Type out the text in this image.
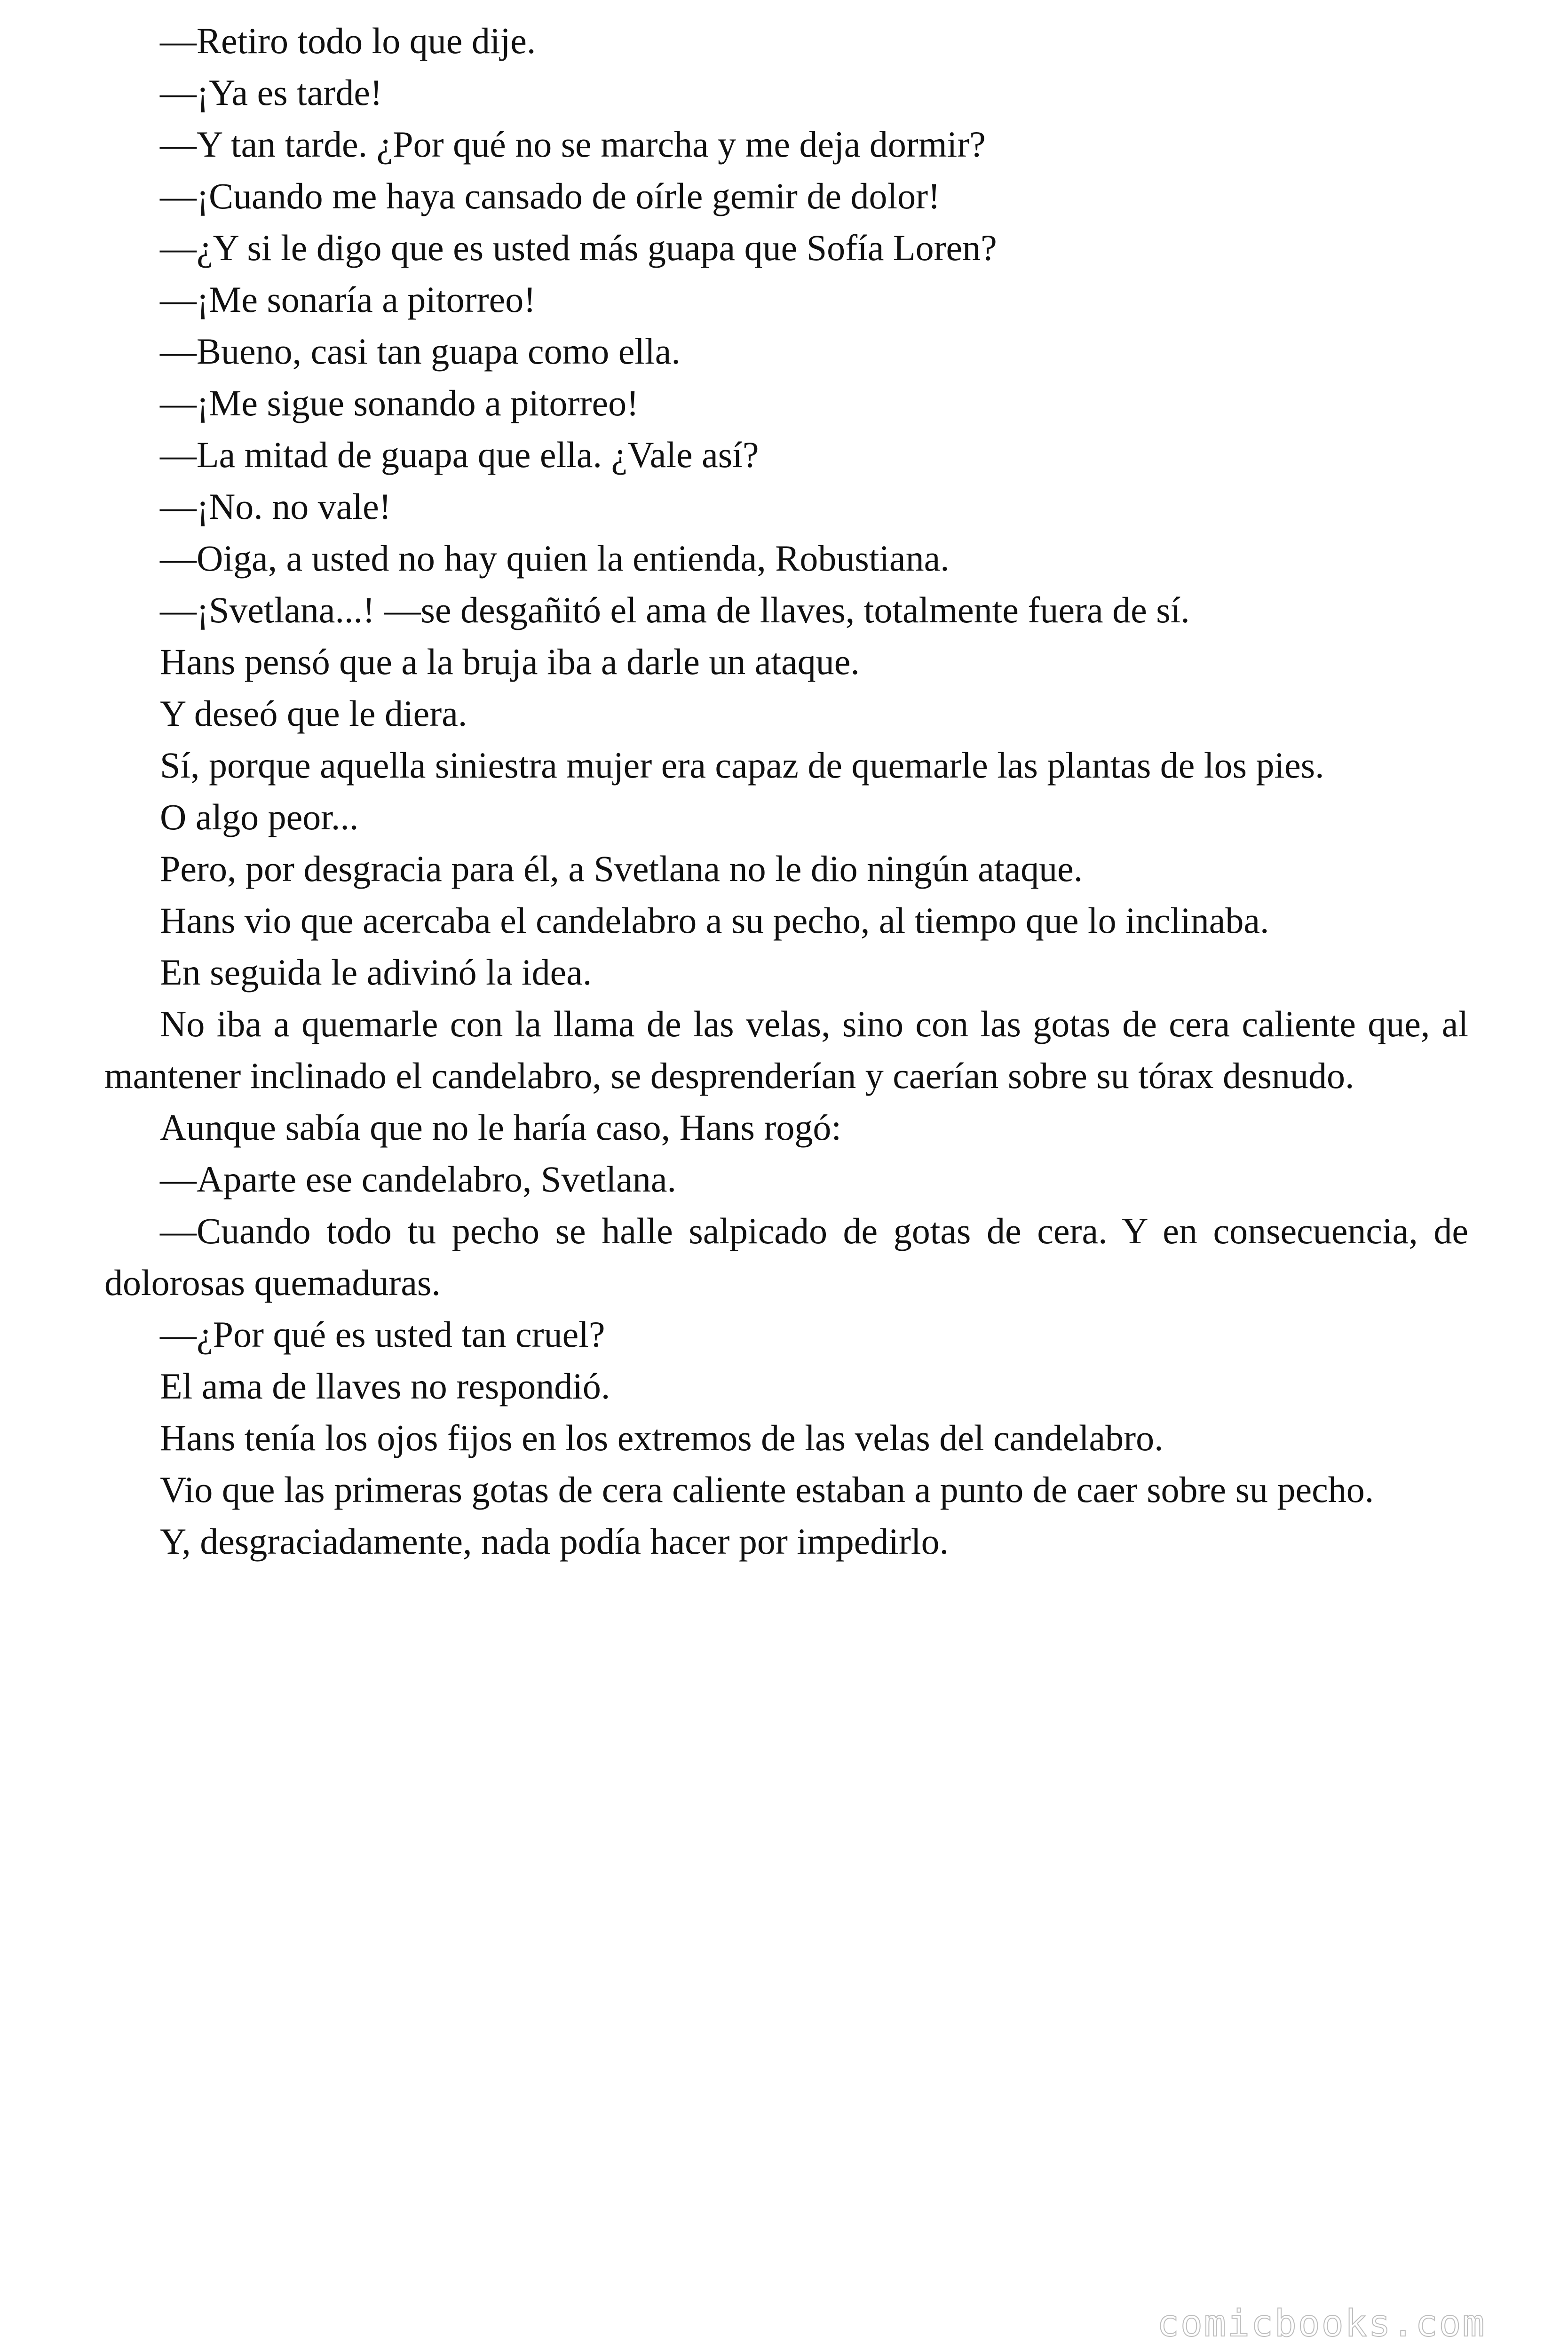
—Retiro todo lo que dije.

—¡Ya es tarde!

—Y tan tarde. ¿Por qué no se marcha y me deja dormir?

—¡Cuando me haya cansado de oírle gemir de dolor!

—¿Y si le digo que es usted más guapa que Sofía Loren?

—¡Me sonaría a pitorreo!

—Bueno, casi tan guapa como ella.

—¡Me sigue sonando a pitorreo!

—La mitad de guapa que ella. ¿Vale así?

—¡No. no vale!

—Oiga, a usted no hay quien la entienda, Robustiana.

—¡Svetlana...! —se desgañitó el ama de llaves, totalmente fuera de sí.

Hans pensó que a la bruja iba a darle un ataque.

Y deseó que le diera.

Sí, porque aquella siniestra mujer era capaz de quemarle las plantas de los pies.

O algo peor...

Pero, por desgracia para él, a Svetlana no le dio ningún ataque.

Hans vio que acercaba el candelabro a su pecho, al tiempo que lo inclinaba.

En seguida le adivinó la idea.

No iba a quemarle con la llama de las velas, sino con las gotas de cera caliente que, al mantener inclinado el candelabro, se desprenderían y caerían sobre su tórax desnudo.

Aunque sabía que no le haría caso, Hans rogó:

—Aparte ese candelabro, Svetlana.

—Cuando todo tu pecho se halle salpicado de gotas de cera. Y en consecuencia, de dolorosas quemaduras.

—¿Por qué es usted tan cruel?

El ama de llaves no respondió.

Hans tenía los ojos fijos en los extremos de las velas del candelabro.

Vio que las primeras gotas de cera caliente estaban a punto de caer sobre su pecho.

Y, desgraciadamente, nada podía hacer por impedirlo.

comicbooks.com
